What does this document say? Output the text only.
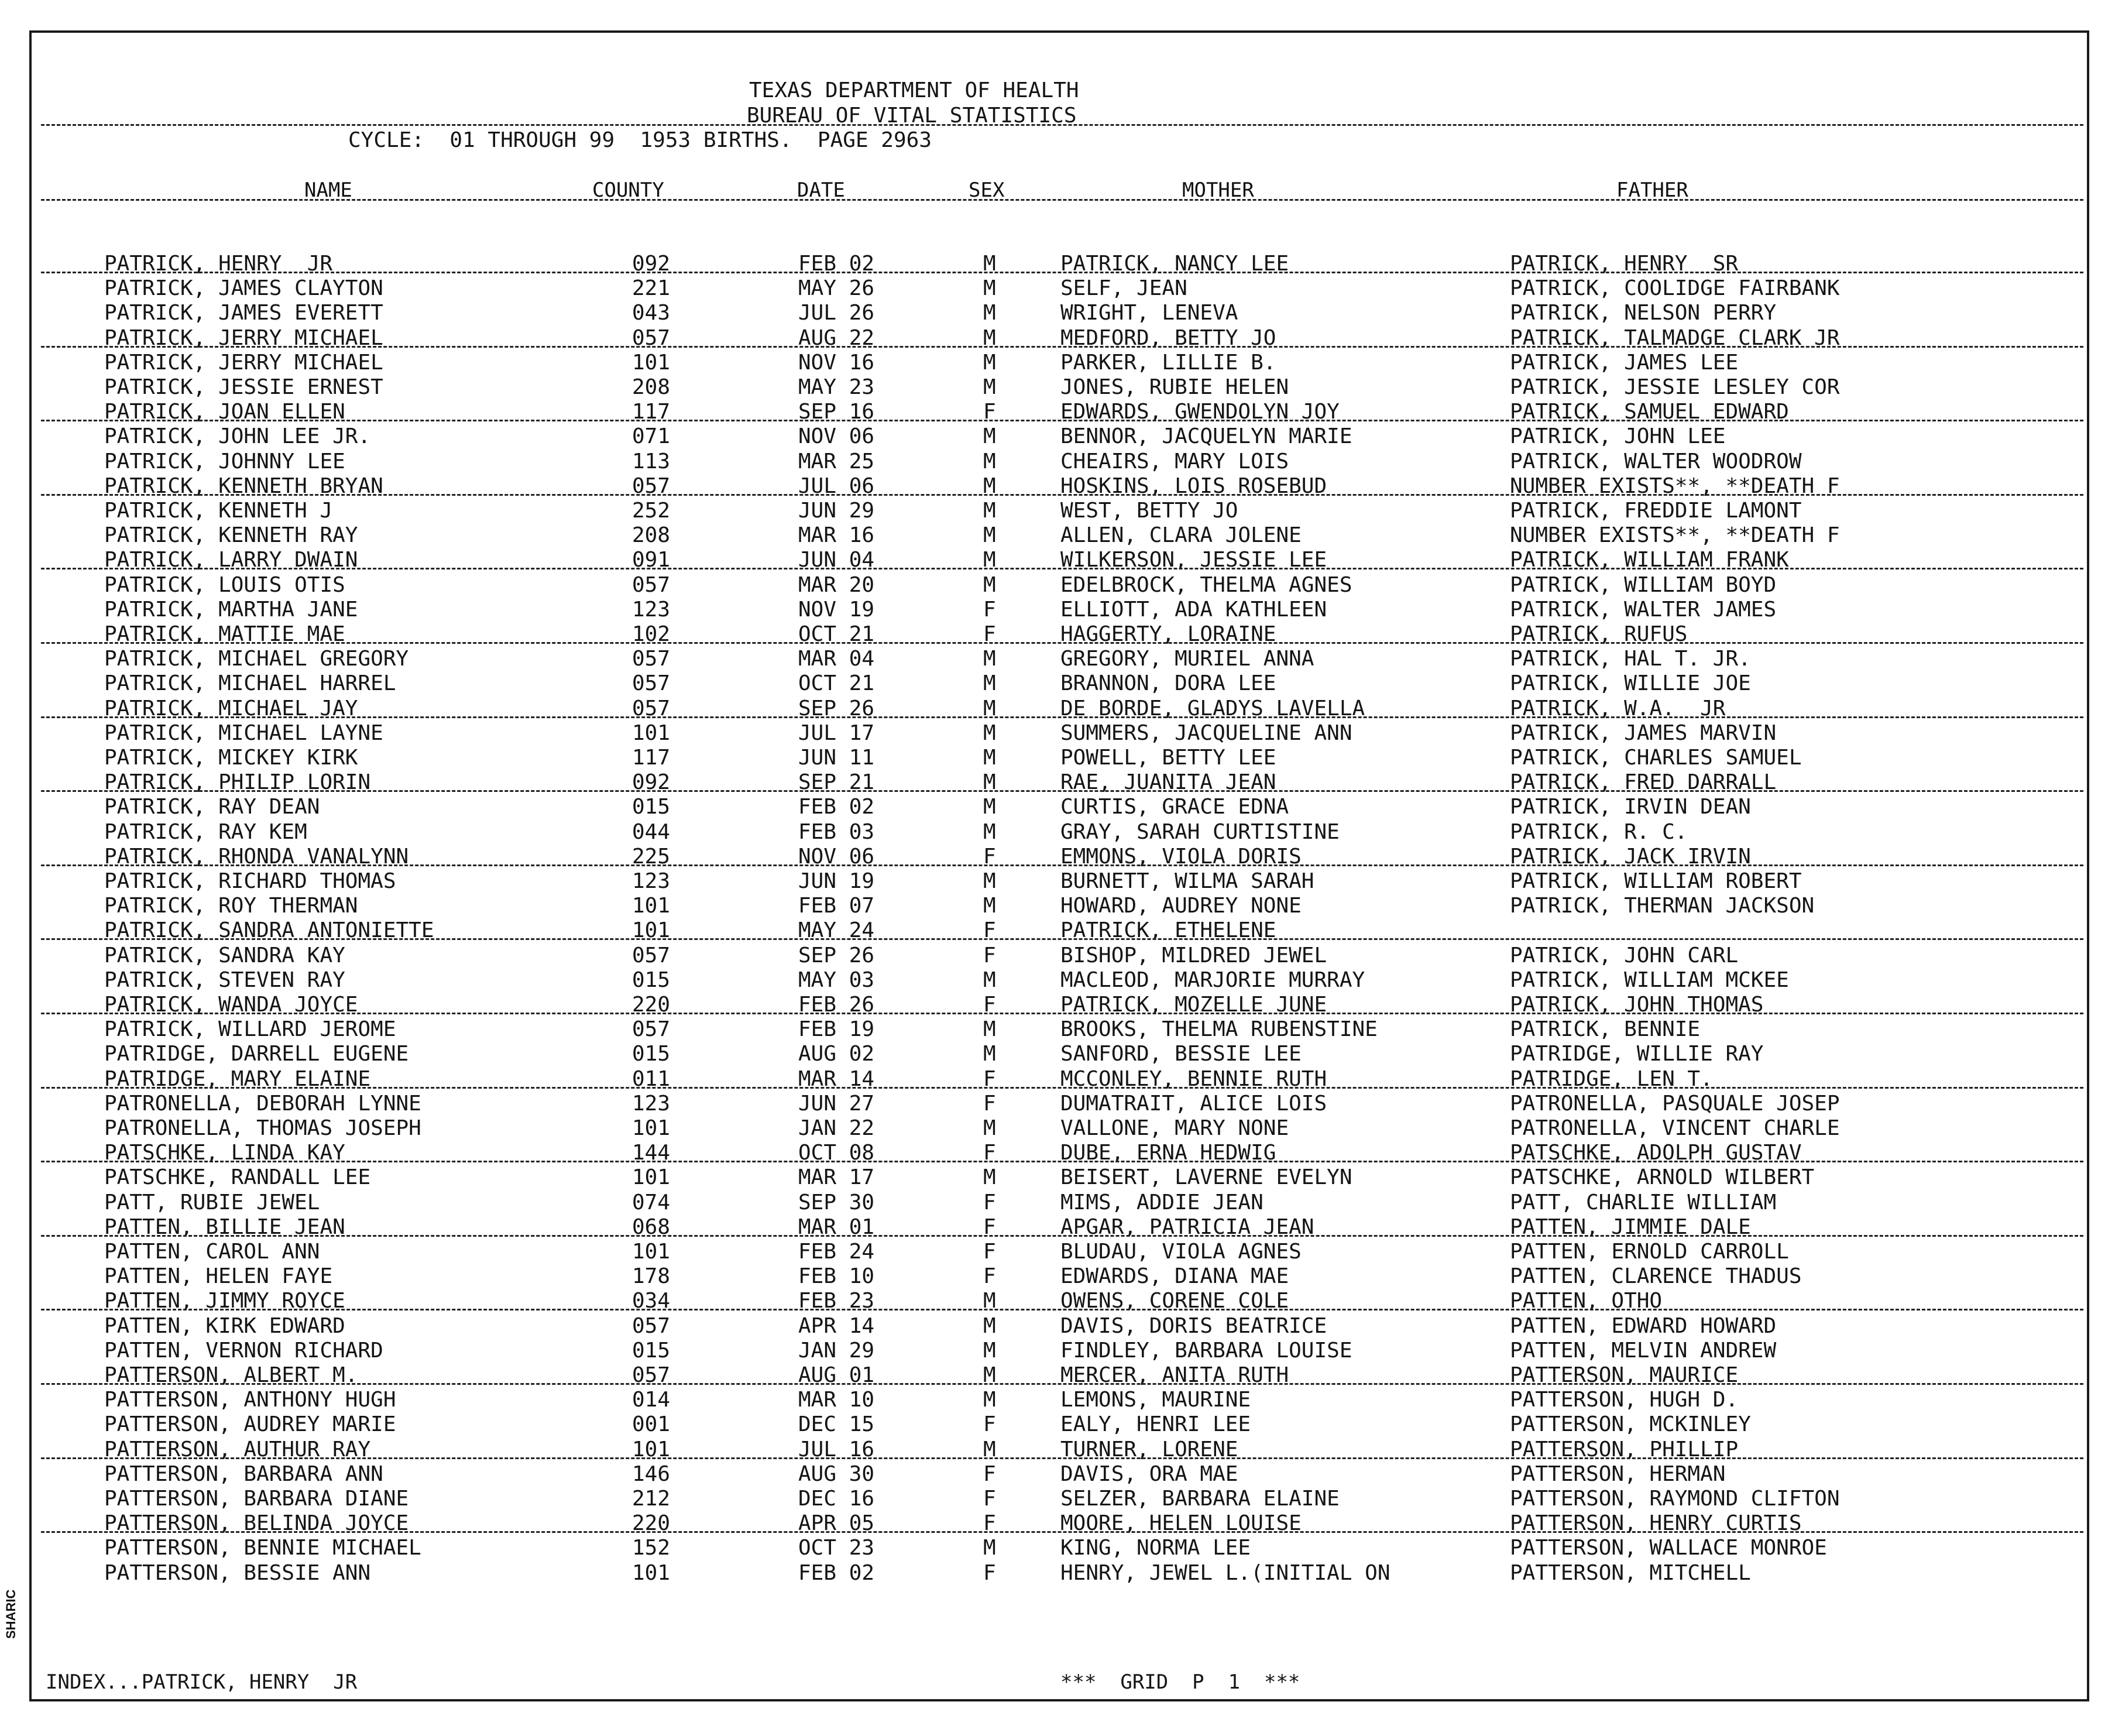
TEXAS DEPARTMENT OF HEALTH
BUREAU OF VITAL STATISTICS
CYCLE:  01 THROUGH 99  1953 BIRTHS.  PAGE 2963
NAME	COUNTY	DATE	SEX	MOTHER	FATHER
PATRICK, HENRY  JR	092	FEB 02	M	PATRICK, NANCY LEE	PATRICK, HENRY  SR
PATRICK, JAMES CLAYTON	221	MAY 26	M	SELF, JEAN	PATRICK, COOLIDGE FAIRBANK
PATRICK, JAMES EVERETT	043	JUL 26	M	WRIGHT, LENEVA	PATRICK, NELSON PERRY
PATRICK, JERRY MICHAEL	057	AUG 22	M	MEDFORD, BETTY JO	PATRICK, TALMADGE CLARK JR
PATRICK, JERRY MICHAEL	101	NOV 16	M	PARKER, LILLIE B.	PATRICK, JAMES LEE
PATRICK, JESSIE ERNEST	208	MAY 23	M	JONES, RUBIE HELEN	PATRICK, JESSIE LESLEY COR
PATRICK, JOAN ELLEN	117	SEP 16	F	EDWARDS, GWENDOLYN JOY	PATRICK, SAMUEL EDWARD
PATRICK, JOHN LEE JR.	071	NOV 06	M	BENNOR, JACQUELYN MARIE	PATRICK, JOHN LEE
PATRICK, JOHNNY LEE	113	MAR 25	M	CHEAIRS, MARY LOIS	PATRICK, WALTER WOODROW
PATRICK, KENNETH BRYAN	057	JUL 06	M	HOSKINS, LOIS ROSEBUD	NUMBER EXISTS**, **DEATH F
PATRICK, KENNETH J	252	JUN 29	M	WEST, BETTY JO	PATRICK, FREDDIE LAMONT
PATRICK, KENNETH RAY	208	MAR 16	M	ALLEN, CLARA JOLENE	NUMBER EXISTS**, **DEATH F
PATRICK, LARRY DWAIN	091	JUN 04	M	WILKERSON, JESSIE LEE	PATRICK, WILLIAM FRANK
PATRICK, LOUIS OTIS	057	MAR 20	M	EDELBROCK, THELMA AGNES	PATRICK, WILLIAM BOYD
PATRICK, MARTHA JANE	123	NOV 19	F	ELLIOTT, ADA KATHLEEN	PATRICK, WALTER JAMES
PATRICK, MATTIE MAE	102	OCT 21	F	HAGGERTY, LORAINE	PATRICK, RUFUS
PATRICK, MICHAEL GREGORY	057	MAR 04	M	GREGORY, MURIEL ANNA	PATRICK, HAL T. JR.
PATRICK, MICHAEL HARREL	057	OCT 21	M	BRANNON, DORA LEE	PATRICK, WILLIE JOE
PATRICK, MICHAEL JAY	057	SEP 26	M	DE BORDE, GLADYS LAVELLA	PATRICK, W.A.  JR
PATRICK, MICHAEL LAYNE	101	JUL 17	M	SUMMERS, JACQUELINE ANN	PATRICK, JAMES MARVIN
PATRICK, MICKEY KIRK	117	JUN 11	M	POWELL, BETTY LEE	PATRICK, CHARLES SAMUEL
PATRICK, PHILIP LORIN	092	SEP 21	M	RAE, JUANITA JEAN	PATRICK, FRED DARRALL
PATRICK, RAY DEAN	015	FEB 02	M	CURTIS, GRACE EDNA	PATRICK, IRVIN DEAN
PATRICK, RAY KEM	044	FEB 03	M	GRAY, SARAH CURTISTINE	PATRICK, R. C.
PATRICK, RHONDA VANALYNN	225	NOV 06	F	EMMONS, VIOLA DORIS	PATRICK, JACK IRVIN
PATRICK, RICHARD THOMAS	123	JUN 19	M	BURNETT, WILMA SARAH	PATRICK, WILLIAM ROBERT
PATRICK, ROY THERMAN	101	FEB 07	M	HOWARD, AUDREY NONE	PATRICK, THERMAN JACKSON
PATRICK, SANDRA ANTONIETTE	101	MAY 24	F	PATRICK, ETHELENE
PATRICK, SANDRA KAY	057	SEP 26	F	BISHOP, MILDRED JEWEL	PATRICK, JOHN CARL
PATRICK, STEVEN RAY	015	MAY 03	M	MACLEOD, MARJORIE MURRAY	PATRICK, WILLIAM MCKEE
PATRICK, WANDA JOYCE	220	FEB 26	F	PATRICK, MOZELLE JUNE	PATRICK, JOHN THOMAS
PATRICK, WILLARD JEROME	057	FEB 19	M	BROOKS, THELMA RUBENSTINE	PATRICK, BENNIE
PATRIDGE, DARRELL EUGENE	015	AUG 02	M	SANFORD, BESSIE LEE	PATRIDGE, WILLIE RAY
PATRIDGE, MARY ELAINE	011	MAR 14	F	MCCONLEY, BENNIE RUTH	PATRIDGE, LEN T.
PATRONELLA, DEBORAH LYNNE	123	JUN 27	F	DUMATRAIT, ALICE LOIS	PATRONELLA, PASQUALE JOSEP
PATRONELLA, THOMAS JOSEPH	101	JAN 22	M	VALLONE, MARY NONE	PATRONELLA, VINCENT CHARLE
PATSCHKE, LINDA KAY	144	OCT 08	F	DUBE, ERNA HEDWIG	PATSCHKE, ADOLPH GUSTAV
PATSCHKE, RANDALL LEE	101	MAR 17	M	BEISERT, LAVERNE EVELYN	PATSCHKE, ARNOLD WILBERT
PATT, RUBIE JEWEL	074	SEP 30	F	MIMS, ADDIE JEAN	PATT, CHARLIE WILLIAM
PATTEN, BILLIE JEAN	068	MAR 01	F	APGAR, PATRICIA JEAN	PATTEN, JIMMIE DALE
PATTEN, CAROL ANN	101	FEB 24	F	BLUDAU, VIOLA AGNES	PATTEN, ERNOLD CARROLL
PATTEN, HELEN FAYE	178	FEB 10	F	EDWARDS, DIANA MAE	PATTEN, CLARENCE THADUS
PATTEN, JIMMY ROYCE	034	FEB 23	M	OWENS, CORENE COLE	PATTEN, OTHO
PATTEN, KIRK EDWARD	057	APR 14	M	DAVIS, DORIS BEATRICE	PATTEN, EDWARD HOWARD
PATTEN, VERNON RICHARD	015	JAN 29	M	FINDLEY, BARBARA LOUISE	PATTEN, MELVIN ANDREW
PATTERSON, ALBERT M.	057	AUG 01	M	MERCER, ANITA RUTH	PATTERSON, MAURICE
PATTERSON, ANTHONY HUGH	014	MAR 10	M	LEMONS, MAURINE	PATTERSON, HUGH D.
PATTERSON, AUDREY MARIE	001	DEC 15	F	EALY, HENRI LEE	PATTERSON, MCKINLEY
PATTERSON, AUTHUR RAY	101	JUL 16	M	TURNER, LORENE	PATTERSON, PHILLIP
PATTERSON, BARBARA ANN	146	AUG 30	F	DAVIS, ORA MAE	PATTERSON, HERMAN
PATTERSON, BARBARA DIANE	212	DEC 16	F	SELZER, BARBARA ELAINE	PATTERSON, RAYMOND CLIFTON
PATTERSON, BELINDA JOYCE	220	APR 05	F	MOORE, HELEN LOUISE	PATTERSON, HENRY CURTIS
PATTERSON, BENNIE MICHAEL	152	OCT 23	M	KING, NORMA LEE	PATTERSON, WALLACE MONROE
PATTERSON, BESSIE ANN	101	FEB 02	F	HENRY, JEWEL L.(INITIAL ON	PATTERSON, MITCHELL
INDEX...PATRICK, HENRY  JR	***  GRID  P  1  ***
SHARIC
